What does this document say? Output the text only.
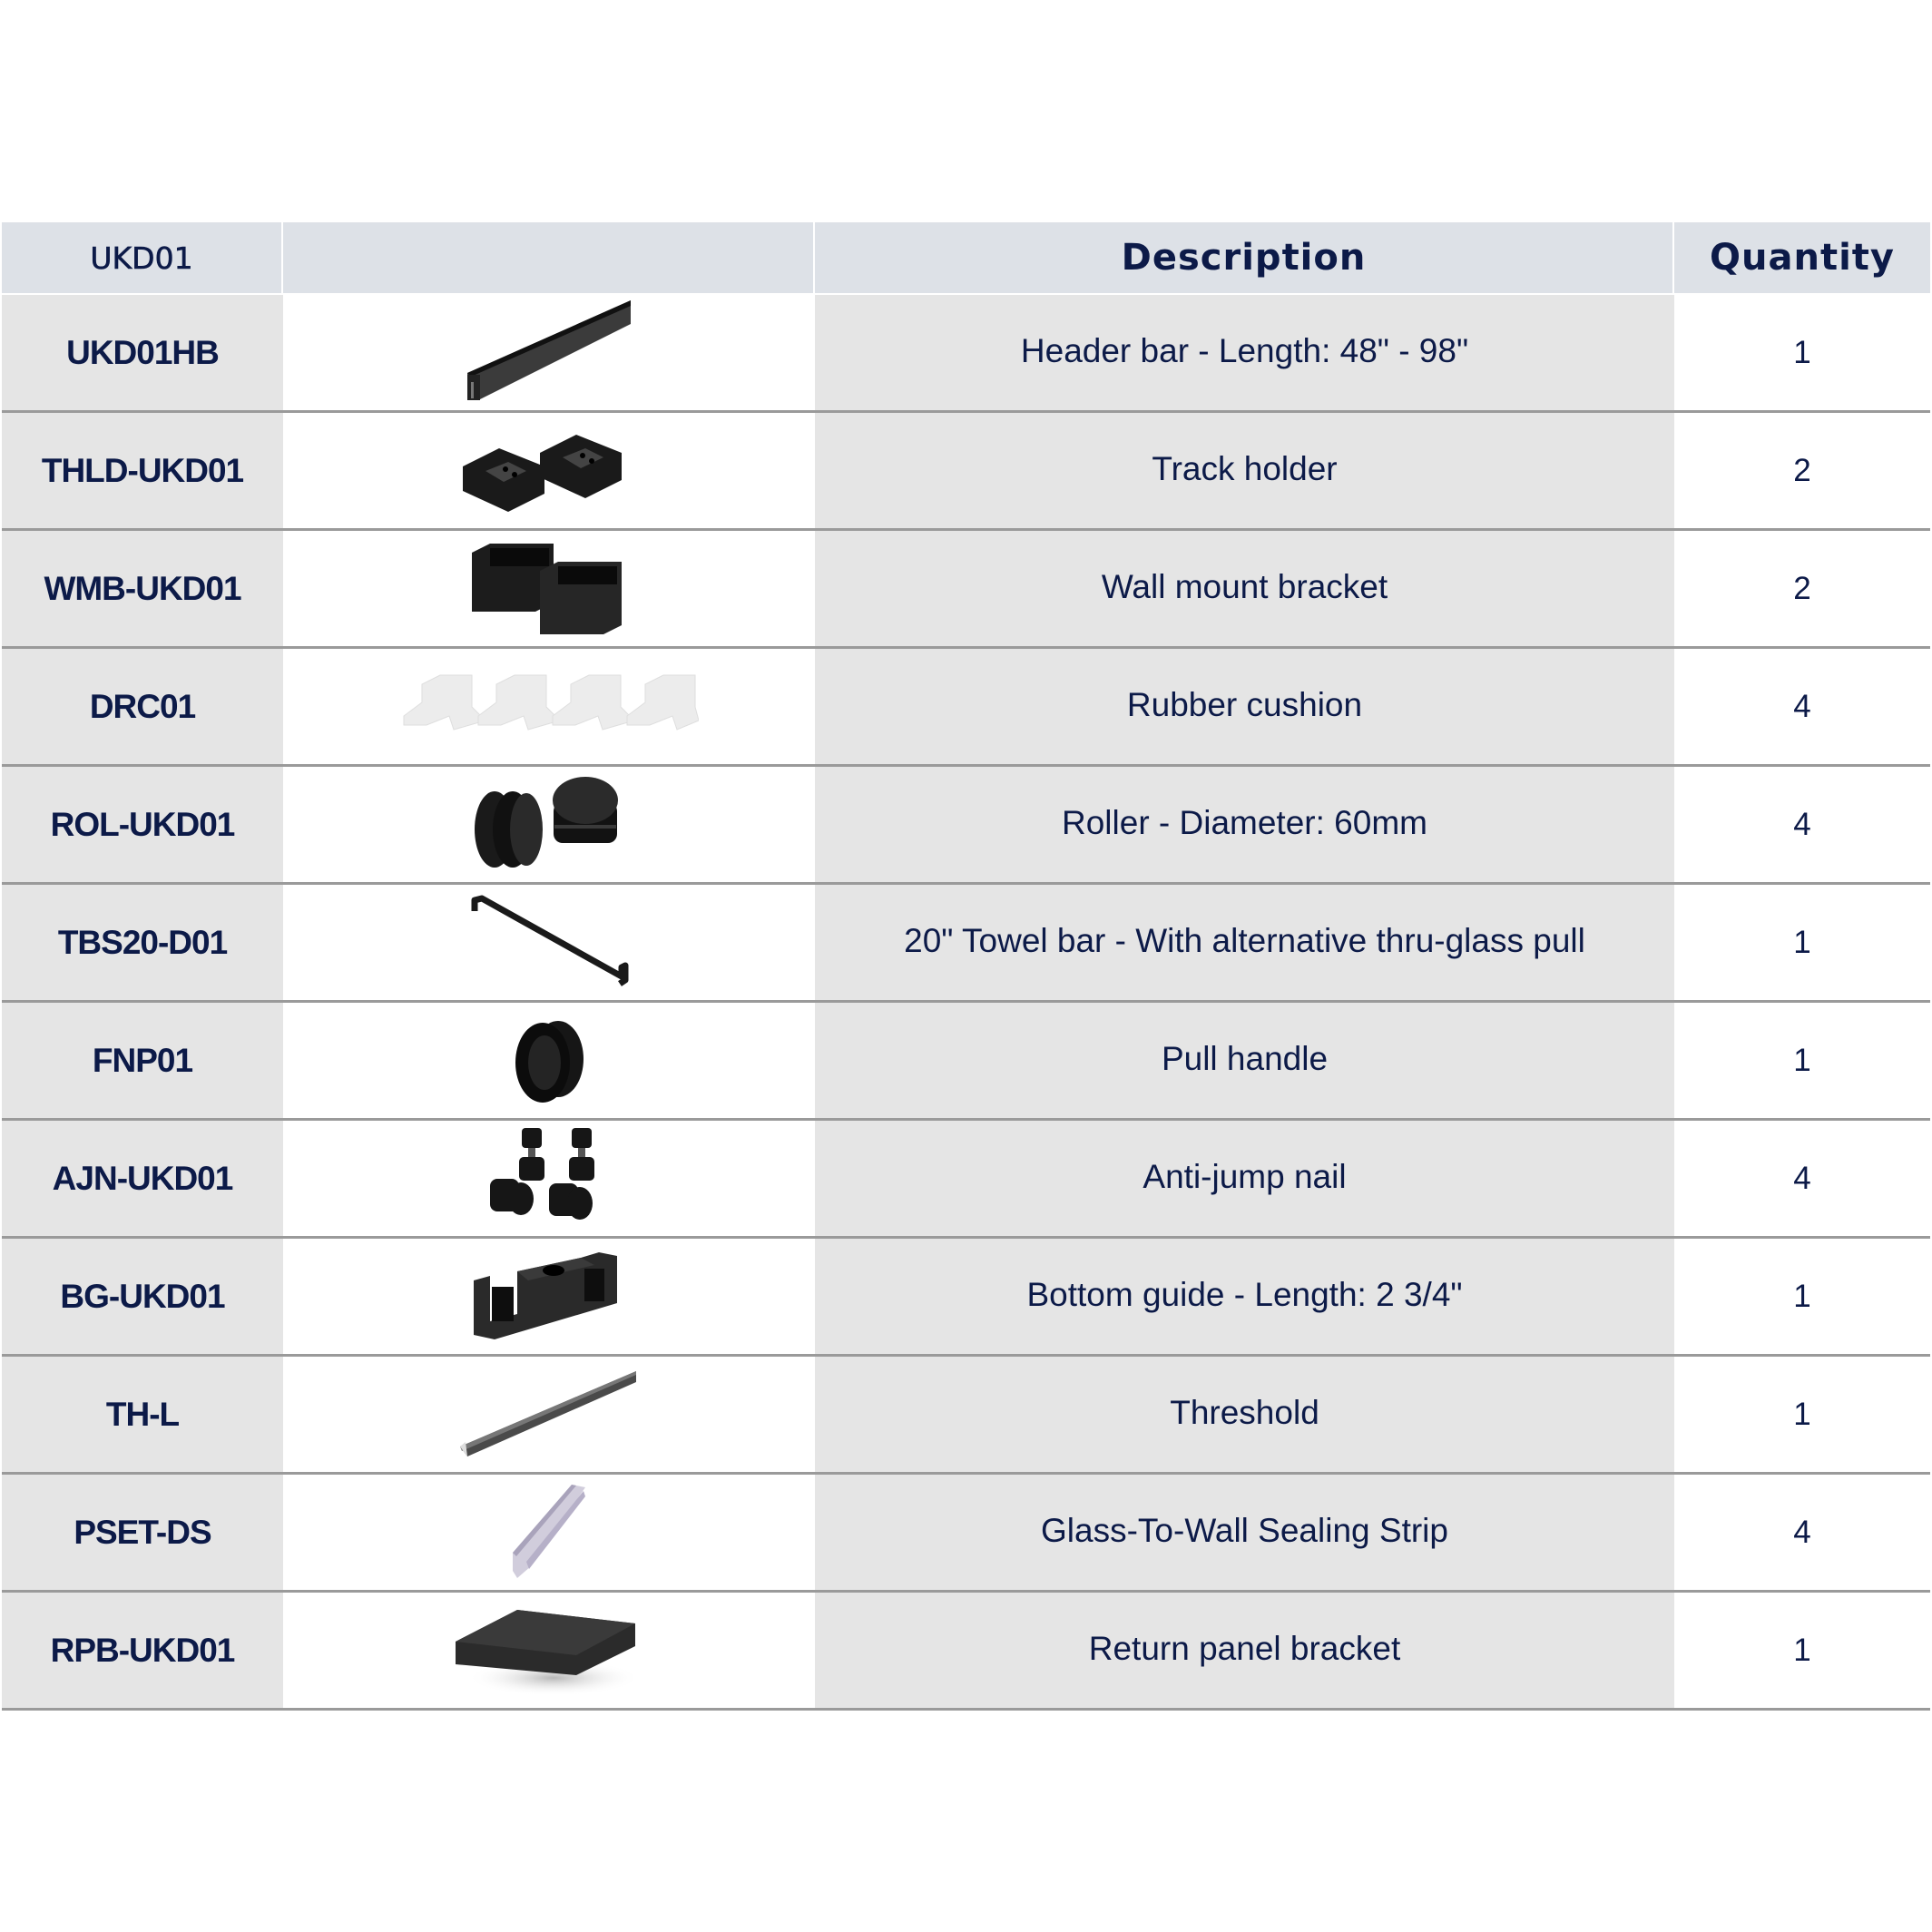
UKD01	Description	Quantity
UKD01HB	Header bar - Length: 48" - 98"	1
THLD-UKD01	Track holder	2
WMB-UKD01	Wall mount bracket	2
DRC01	Rubber cushion	4
ROL-UKD01	Roller - Diameter: 60mm	4
TBS20-D01	20" Towel bar - With alternative thru-glass pull	1
FNP01	Pull handle	1
AJN-UKD01	Anti-jump nail	4
BG-UKD01	Bottom guide - Length: 2 3/4"	1
TH-L	Threshold	1
PSET-DS	Glass-To-Wall Sealing Strip	4
RPB-UKD01	Return panel bracket	1
